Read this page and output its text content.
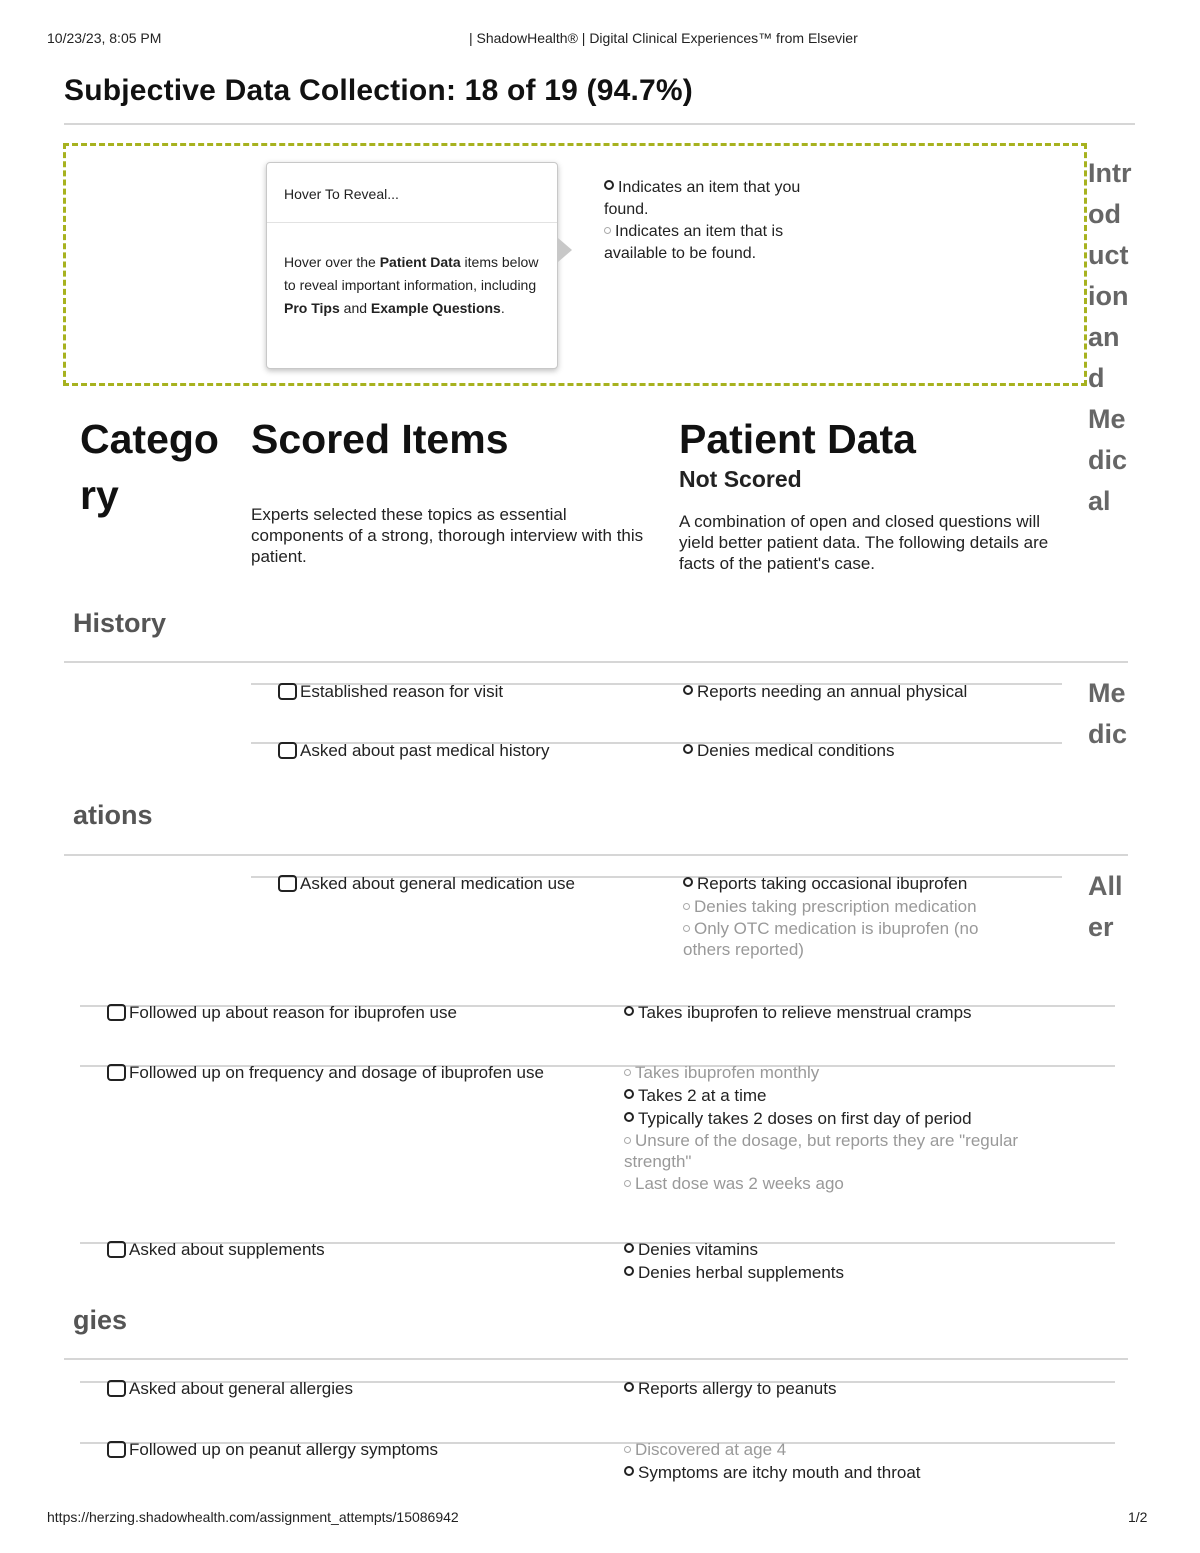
10/23/23, 8:05 PM	| ShadowHealth® | Digital Clinical Experiences™ from Elsevier
Subjective Data Collection: 18 of 19 (94.7%)
Hover To Reveal...
Hover over the Patient Data items below to reveal important information, including Pro Tips and Example Questions.
Indicates an item that you found.
Indicates an item that is available to be found.
Introduction and Medical
Category
Scored Items
Experts selected these topics as essential components of a strong, thorough interview with this patient.
Patient Data
Not Scored
A combination of open and closed questions will yield better patient data. The following details are facts of the patient's case.
History
Established reason for visit	Reports needing an annual physical
Asked about past medical history	Denies medical conditions
Medic
ations
Asked about general medication use	Reports taking occasional ibuprofen
Denies taking prescription medication
Only OTC medication is ibuprofen (no others reported)
Aller
Followed up about reason for ibuprofen use	Takes ibuprofen to relieve menstrual cramps
Followed up on frequency and dosage of ibuprofen use	Takes ibuprofen monthly
Takes 2 at a time
Typically takes 2 doses on first day of period
Unsure of the dosage, but reports they are "regular strength"
Last dose was 2 weeks ago
Asked about supplements	Denies vitamins
Denies herbal supplements
gies
Asked about general allergies	Reports allergy to peanuts
Followed up on peanut allergy symptoms	Discovered at age 4
Symptoms are itchy mouth and throat
https://herzing.shadowhealth.com/assignment_attempts/15086942	1/2
